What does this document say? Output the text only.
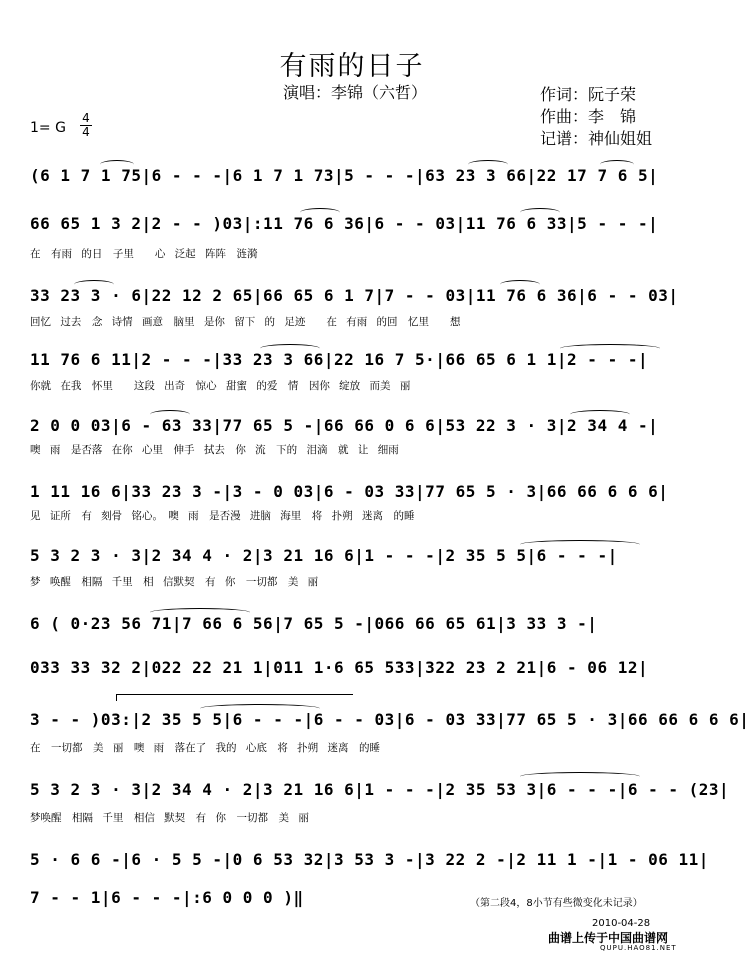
有雨的日子
演唱：李锦（六哲）	作词：阮子荣
作曲：李　锦
记谱：神仙姐姐
1= G
4
4
(6 1 7 1 75|6 - - -|6 1 7 1 73|5 - - -|63 23 3 66|22 17 7 6 5|
66 65 1 3 2|2 - - )03|:11 76 6 36|6 - - 03|11 76 6 33|5 - - -|
在　有雨 的日　子里　　心 泛起 阵阵　涟漪
33 23 3 · 6|22 12 2 65|66 65 6 1 7|7 - - 03|11 76 6 36|6 - - 03|
回忆 过去　念 诗情 画意　脑里 是你 留下 的 足迹　　在 有雨 的回　忆里　　想
11 76 6 11|2 - - -|33 23 3 66|22 16 7 5·|66 65 6 1 1|2 - - -|
你就 在我　怀里　　这段 出奇　惊心 甜蜜 的爱　情　因你 绽放 而美 丽
2 0 0 03|6 - 63 33|77 65 5 -|66 66 0 6 6|53 22 3 · 3|2 34 4 -|
噢 雨　是否落 在你 心里　伸手 拭去　你 流　下的 泪滴　就 让 细雨
1 11 16 6|33 23 3 -|3 - 0 03|6 - 03 33|77 65 5 · 3|66 66 6 6 6|
见 证所　有 刻骨 铭心。　噢 雨　是否漫 进脑 海里　将 扑朔 迷离　的睡
5 3 2 3 · 3|2 34 4 · 2|3 21 16 6|1 - - -|2 35 5 5|6 - - -|
梦 唤醒　相隔 千里　相 信默契　有 你　一切都　美 丽
6 ( 0·23 56 71|7 66 6 56|7 65 5 -|066 66 65 61|3 33 3 -|
033 33 32 2|022 22 21 1|011 1·6 65 533|322 23 2 21|6 - 06 12|
3 - - )03:|2 35 5 5|6 - - -|6 - - 03|6 - 03 33|77 65 5 · 3|66 66 6 6 6|
在　一切都　美 丽　噢 雨　落在了 我的 心底　将 扑朔 迷离　的睡
5 3 2 3 · 3|2 34 4 · 2|3 21 16 6|1 - - -|2 35 53 3|6 - - -|6 - - (23|
梦唤醒　相隔 千里　相信 默契　有 你　一切都　美 丽
5 · 6 6 -|6 · 5 5 -|0 6 53 32|3 53 3 -|3 22 2 -|2 11 1 -|1 - 06 11|
7 - - 1|6 - - -|:6 0 0 0 )‖	（第二段4，8小节有些微变化未记录）
2010-04-28
曲谱上传于中国曲谱网
QUPU.HAO81.NET
